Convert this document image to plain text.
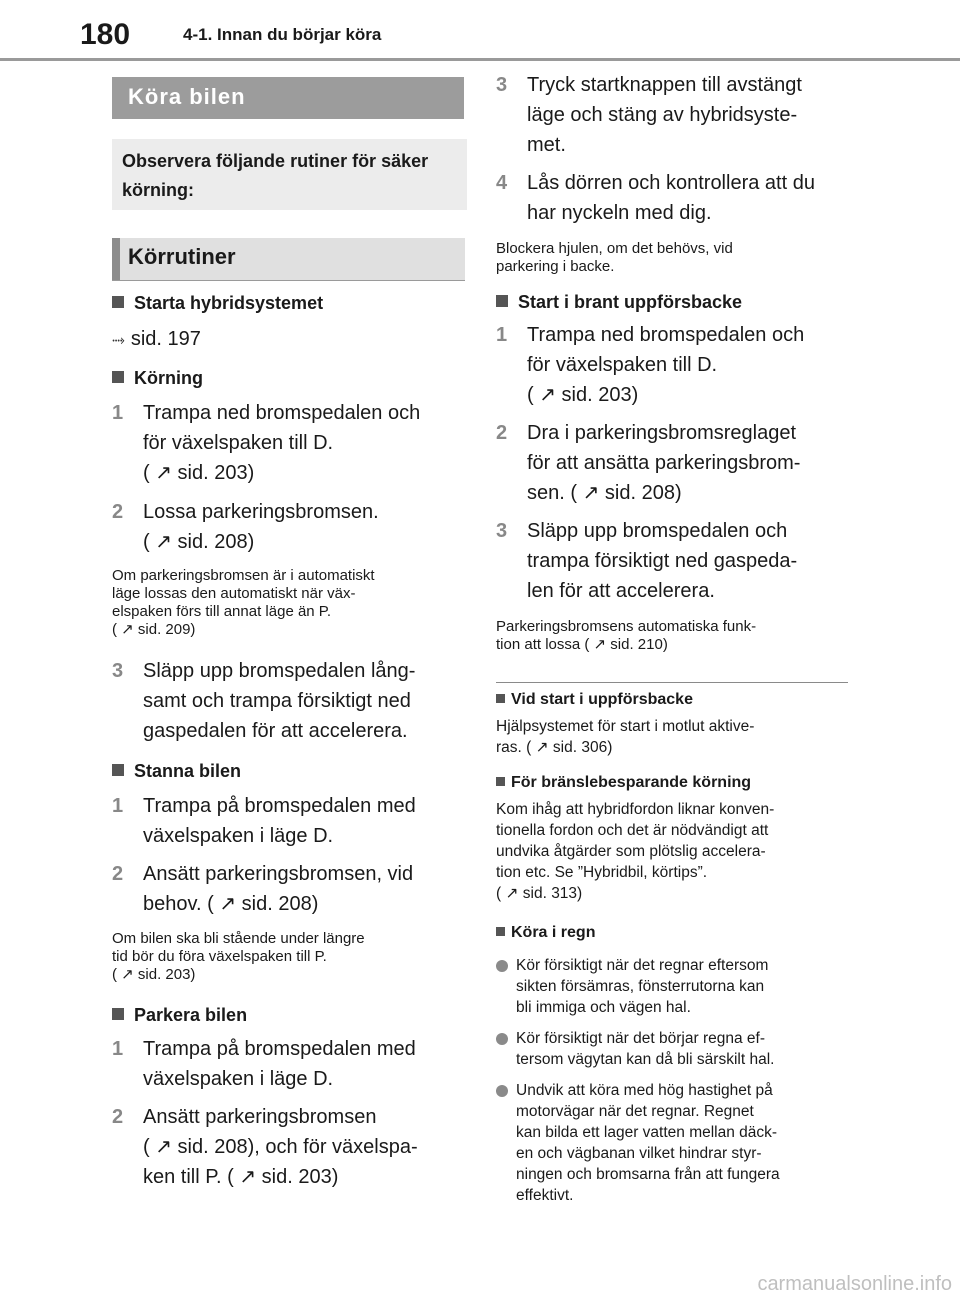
180	4-1. Innan du börjar köra
Köra bilen
Observera följande rutiner för säker körning:
Körrutiner
Starta hybridsystemet
⤑ sid. 197
Körning
1 Trampa ned bromspedalen och
för växelspaken till D.
( ↗ sid. 203)
2 Lossa parkeringsbromsen.
( ↗ sid. 208)
Om parkeringsbromsen är i automatiskt
läge lossas den automatiskt när väx-
elspaken förs till annat läge än P.
( ↗ sid. 209)
3 Släpp upp bromspedalen lång-
samt och trampa försiktigt ned
gaspedalen för att accelerera.
Stanna bilen
1 Trampa på bromspedalen med
växelspaken i läge D.
2 Ansätt parkeringsbromsen, vid
behov. ( ↗ sid. 208)
Om bilen ska bli stående under längre
tid bör du föra växelspaken till P.
( ↗ sid. 203)
Parkera bilen
1 Trampa på bromspedalen med
växelspaken i läge D.
2 Ansätt parkeringsbromsen
( ↗ sid. 208), och för växelspa-
ken till P. ( ↗ sid. 203)
3 Tryck startknappen till avstängt
läge och stäng av hybridsyste-
met.
4 Lås dörren och kontrollera att du
har nyckeln med dig.
Blockera hjulen, om det behövs, vid
parkering i backe.
Start i brant uppförsbacke
1 Trampa ned bromspedalen och
för växelspaken till D.
( ↗ sid. 203)
2 Dra i parkeringsbromsreglaget
för att ansätta parkeringsbrom-
sen. ( ↗ sid. 208)
3 Släpp upp bromspedalen och
trampa försiktigt ned gaspeda-
len för att accelerera.
Parkeringsbromsens automatiska funk-
tion att lossa ( ↗ sid. 210)
Vid start i uppförsbacke
Hjälpsystemet för start i motlut aktive-
ras. ( ↗ sid. 306)
För bränslebesparande körning
Kom ihåg att hybridfordon liknar konven-
tionella fordon och det är nödvändigt att
undvika åtgärder som plötslig accelera-
tion etc. Se ”Hybridbil, körtips”.
( ↗ sid. 313)
Köra i regn
Kör försiktigt när det regnar eftersom
sikten försämras, fönsterrutorna kan
bli immiga och vägen hal.
Kör försiktigt när det börjar regna ef-
tersom vägytan kan då bli särskilt hal.
Undvik att köra med hög hastighet på
motorvägar när det regnar. Regnet
kan bilda ett lager vatten mellan däck-
en och vägbanan vilket hindrar styr-
ningen och bromsarna från att fungera
effektivt.
carmanualsonline.info
